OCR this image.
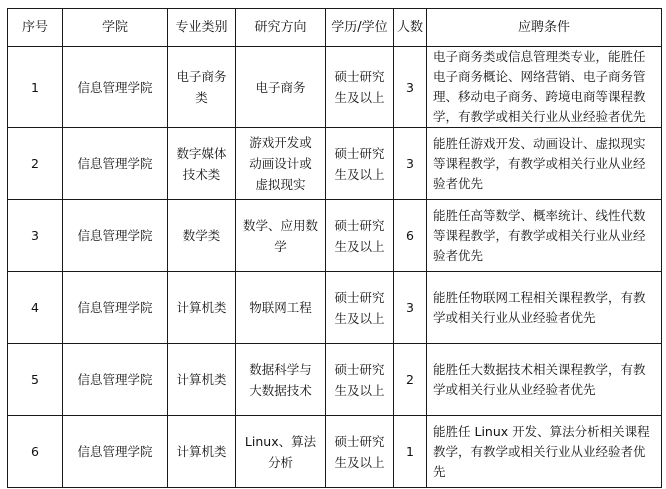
序号	学院	专业类别	研究方向	学历/学位	人数	应聘条件
1	信息管理学院	电子商务类	电子商务	硕士研究生及以上	3	电子商务类或信息管理类专业，能胜任电子商务概论、网络营销、电子商务管理、移动电子商务、跨境电商等课程教学，有教学或相关行业从业经验者优先
2	信息管理学院	数字媒体技术类	游戏开发或动画设计或虚拟现实	硕士研究生及以上	3	能胜任游戏开发、动画设计、虚拟现实等课程教学，有教学或相关行业从业经验者优先
3	信息管理学院	数学类	数学、应用数学	硕士研究生及以上	6	能胜任高等数学、概率统计、线性代数等课程教学，有教学或相关行业从业经验者优先
4	信息管理学院	计算机类	物联网工程	硕士研究生及以上	3	能胜任物联网工程相关课程教学，有教学或相关行业从业经验者优先
5	信息管理学院	计算机类	数据科学与大数据技术	硕士研究生及以上	2	能胜任大数据技术相关课程教学，有教学或相关行业从业经验者优先
6	信息管理学院	计算机类	Linux、算法分析	硕士研究生及以上	1	能胜任 Linux 开发、算法分析相关课程教学，有教学或相关行业从业经验者优先
